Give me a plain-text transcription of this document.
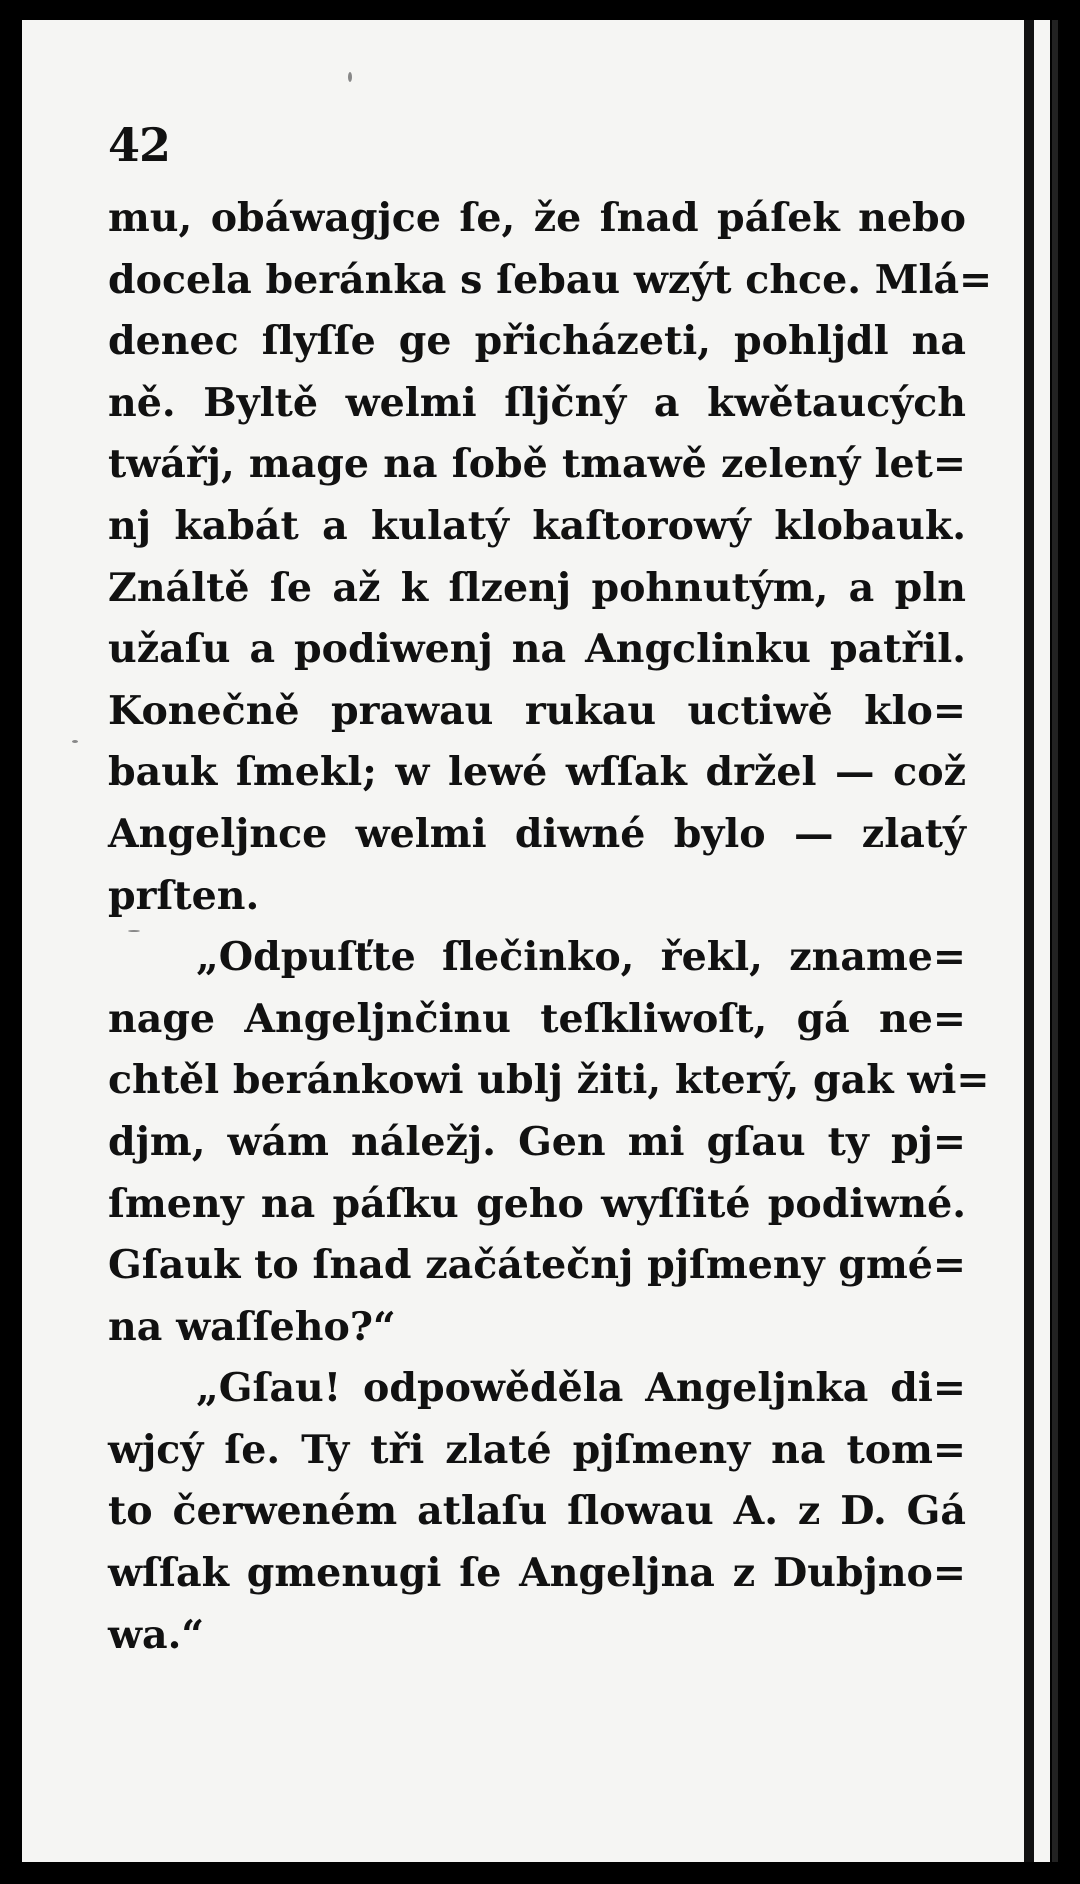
42
mu, obáwagjce ſe, že ſnad páſek nebo
docela beránka s ſebau wzýt chce. Mlá=
denec ſlyſſe ge přicházeti, pohljdl na
ně. Byltě welmi ſljčný a kwětaucých
twářj, mage na ſobě tmawě zelený let=
nj kabát a kulatý kaſtorowý klobauk.
Ználtě ſe až k ſlzenj pohnutým, a pln
užaſu a podiwenj na Angclinku patřil.
Konečně prawau rukau uctiwě klo=
bauk ſmekl; w lewé wſſak držel — což
Angeljnce welmi diwné bylo — zlatý
prſten.
„Odpuſťte ſlečinko, řekl, zname=
nage Angeljnčinu teſkliwoſt, gá ne=
chtěl beránkowi ublj žiti, který, gak wi=
djm, wám náležj. Gen mi gſau ty pj=
ſmeny na páſku geho wyſſité podiwné.
Gſauk to ſnad začátečnj pjſmeny gmé=
na waſſeho?“
„Gſau! odpowěděla Angeljnka di=
wjcý ſe. Ty tři zlaté pjſmeny na tom=
to čerweném atlaſu ſlowau A. z D. Gá
wſſak gmenugi ſe Angeljna z Dubjno=
wa.“
